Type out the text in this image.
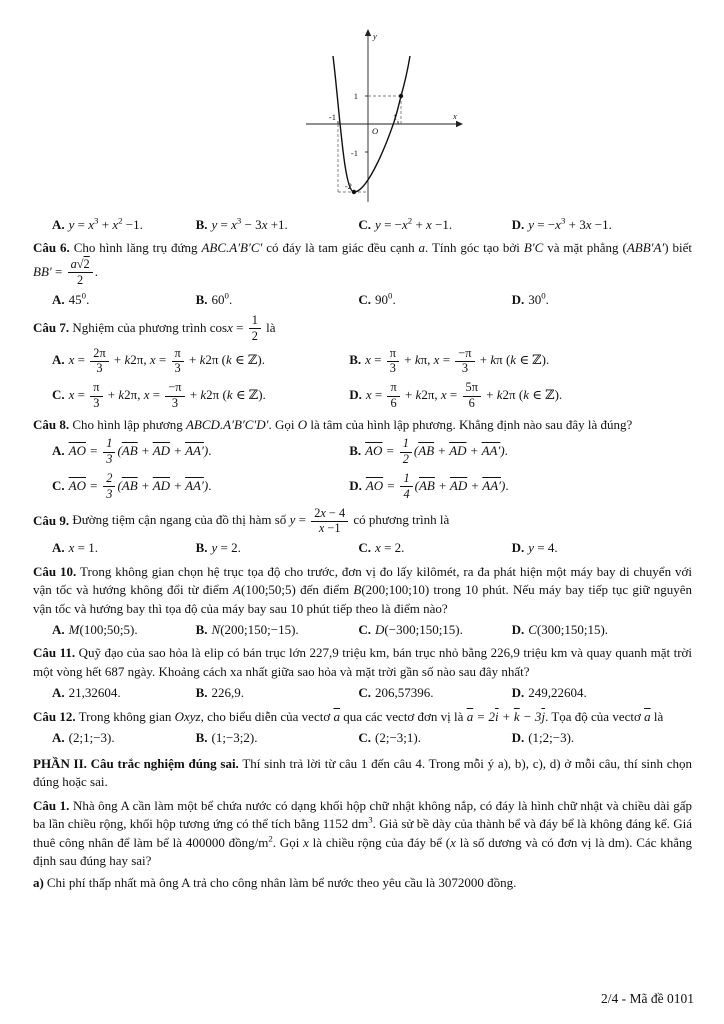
1
-1
-2
-1	1
O
x
y
A. $y = x^3 + x^2 -1$.	B. $y = x^3 - 3x +1$.	C. $y = -x^2 + x -1$.	D. $y = -x^3 + 3x -1$.

Câu 6. Cho hình lăng trụ đứng ABC.A′B′C′ có đáy là tam giác đều cạnh a. Tính góc tạo bởi B′C và mặt phẳng (ABB′A′) biết $BB' = \frac{a√2}{2}$ .

A. $45^0$.	B. $60^0$.	C. $90^0$.	D. $30^0$.

Câu 7. Nghiệm của phương trình $\cos x = \frac{1}{2}$ là

A. $x = \frac{2\pi}{3} + k2\pi$, $x = \frac{\pi}{3} + k2\pi$ (k ∈ ℤ).	B. $x = \frac{\pi}{3} + k\pi$, $x = \frac{-\pi}{3} + k\pi$ (k ∈ ℤ).
C. $x = \frac{\pi}{3} + k2\pi$, $x = \frac{-\pi}{3} + k2\pi$ (k ∈ ℤ).	D. $x = \frac{\pi}{6} + k2\pi$, $x = \frac{5\pi}{6} + k2\pi$ (k ∈ ℤ).

Câu 8. Cho hình lập phương ABCD.A′B′C′D′. Gọi O là tâm của hình lập phương. Khẳng định nào sau đây là đúng?

A. $\overline{AO} = \frac{1}{3} (\overline{AB} + \overline{AD} + AA')$.	B. $\overline{AO} = \frac{1}{2} (\overline{AB} + \overline{AD} + AA')$.
C. $\overline{AO} = \frac{2}{3} (\overline{AB} + \overline{AD} + AA')$.	D. $\overline{AO} = \frac{1}{4} (\overline{AB} + \overline{AD} + AA')$.

Câu 9. Đường tiệm cận ngang của đồ thị hàm số $y = \frac{2x - 4}{x -1}$ có phương trình là

A. x = 1.	B. y = 2.	C. x = 2.	D. y = 4.

Câu 10. Trong không gian chọn hệ trục tọa độ cho trước, đơn vị đo lấy kilômét, ra đa phát hiện một máy bay di chuyển với vận tốc và hướng không đổi từ điểm A(100;50;5) đến điểm B(200;100;10) trong 10 phút. Nếu máy bay tiếp tục giữ nguyên vận tốc và hướng bay thì tọa độ của máy bay sau 10 phút tiếp theo là điểm nào?

A. M(100;50;5).	B. N(200;150;−15).	C. D(−300;150;15).	D. C(300;150;15).

Câu 11. Quỹ đạo của sao hỏa là elip có bán trục lớn 227,9 triệu km, bán trục nhỏ bằng 226,9 triệu km và quay quanh mặt trời một vòng hết 687 ngày. Khoảng cách xa nhất giữa sao hỏa và mặt trời gần số nào sau đây nhất?

A. 21,32604.	B. 226,9.	C. 206,57396.	D. 249,22604.

Câu 12. Trong không gian Oxyz, cho biểu diễn của vectơ $\overline{a}$ qua các vectơ đơn vị là $\overline{a} = 2\overline{i} + \overline{k} - 3\overline{j}$. Tọa độ của vectơ $\overline{a}$ là

A. (2;1;−3).	B. (1;−3;2).	C. (2;−3;1).	D. (1;2;−3).

PHẦN II. Câu trắc nghiệm đúng sai. Thí sinh trả lời từ câu 1 đến câu 4. Trong mỗi ý a), b), c), d) ở mỗi câu, thí sinh chọn đúng hoặc sai.

Câu 1. Nhà ông A cần làm một bể chứa nước có dạng khối hộp chữ nhật không nắp, có đáy là hình chữ nhật và chiều dài gấp ba lần chiều rộng, khối hộp tương ứng có thể tích bằng 1152 $dm^3$. Giả sử bề dày của thành bể và đáy bể là không đáng kể. Giá thuê công nhân để làm bể là 400000 đồng/$m^2$. Gọi x là chiều rộng của đáy bể (x là số dương và có đơn vị là dm). Các khẳng định sau đúng hay sai?

a) Chi phí thấp nhất mà ông A trả cho công nhân làm bể nước theo yêu cầu là 3072000 đồng.

2/4 - Mã đề 0101
